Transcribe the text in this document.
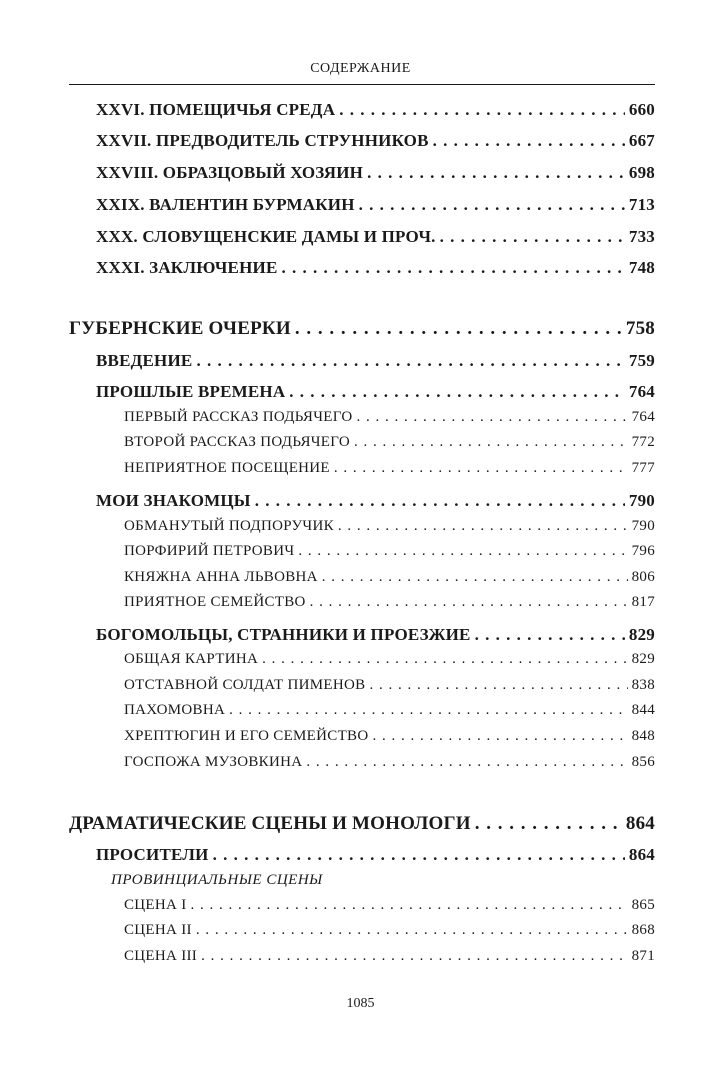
СОДЕРЖАНИЕ
XXVI. ПОМЕЩИЧЬЯ СРЕДА . . .	660
XXVII. ПРЕДВОДИТЕЛЬ СТРУННИКОВ . . .	667
XXVIII. ОБРАЗЦОВЫЙ ХОЗЯИН . . .	698
XXIX. ВАЛЕНТИН БУРМАКИН . . .	713
XXX. СЛОВУЩЕНСКИЕ ДАМЫ И ПРОЧ. . . .	733
XXXI. ЗАКЛЮЧЕНИЕ . . .	748
ГУБЕРНСКИЕ ОЧЕРКИ . . .	758
ВВЕДЕНИЕ . . .	759
ПРОШЛЫЕ ВРЕМЕНА . . .	764
ПЕРВЫЙ РАССКАЗ ПОДЬЯЧЕГО . . .	764
ВТОРОЙ РАССКАЗ ПОДЬЯЧЕГО . . .	772
НЕПРИЯТНОЕ ПОСЕЩЕНИЕ . . .	777
МОИ ЗНАКОМЦЫ . . .	790
ОБМАНУТЫЙ ПОДПОРУЧИК . . .	790
ПОРФИРИЙ ПЕТРОВИЧ . . .	796
КНЯЖНА АННА ЛЬВОВНА . . .	806
ПРИЯТНОЕ СЕМЕЙСТВО . . .	817
БОГОМОЛЬЦЫ, СТРАННИКИ И ПРОЕЗЖИЕ . . .	829
ОБЩАЯ КАРТИНА . . .	829
ОТСТАВНОЙ СОЛДАТ ПИМЕНОВ . . .	838
ПАХОМОВНА . . .	844
ХРЕПТЮГИН И ЕГО СЕМЕЙСТВО . . .	848
ГОСПОЖА МУЗОВКИНА . . .	856
ДРАМАТИЧЕСКИЕ СЦЕНЫ И МОНОЛОГИ . . .	864
ПРОСИТЕЛИ . . .	864
ПРОВИНЦИАЛЬНЫЕ СЦЕНЫ
СЦЕНА I . . .	865
СЦЕНА II . . .	868
СЦЕНА III . . .	871
1085
